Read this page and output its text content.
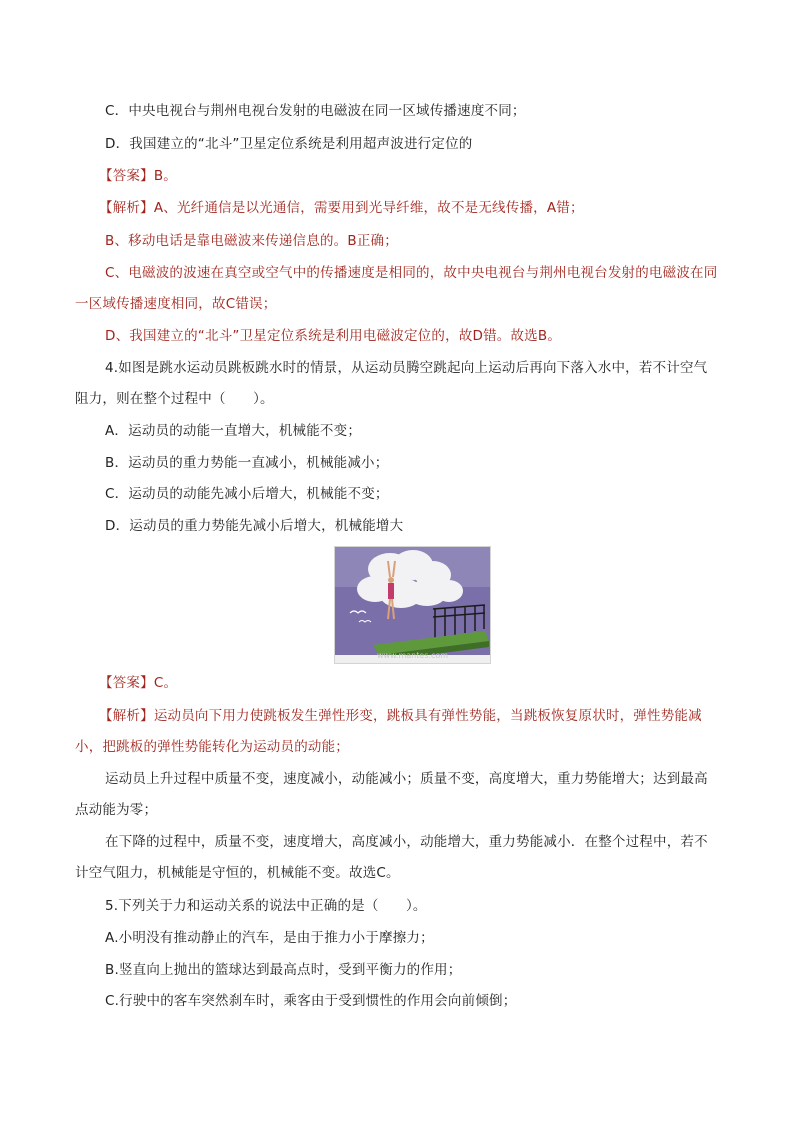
C．中央电视台与荆州电视台发射的电磁波在同一区域传播速度不同；
D．我国建立的“北斗”卫星定位系统是利用超声波进行定位的
【答案】B。
【解析】A、光纤通信是以光通信，需要用到光导纤维，故不是无线传播，A错；
B、移动电话是靠电磁波来传递信息的。B正确；
C、电磁波的波速在真空或空气中的传播速度是相同的，故中央电视台与荆州电视台发射的电磁波在同
一区域传播速度相同，故C错误；
D、我国建立的“北斗”卫星定位系统是利用电磁波定位的，故D错。故选B。
4.如图是跳水运动员跳板跳水时的情景，从运动员腾空跳起向上运动后再向下落入水中，若不计空气
阻力，则在整个过程中（　　）。
A．运动员的动能一直增大，机械能不变；
B．运动员的重力势能一直减小，机械能减小；
C．运动员的动能先减小后增大，机械能不变；
D．运动员的重力势能先减小后增大，机械能增大
www.mantes.com
【答案】C。
【解析】运动员向下用力使跳板发生弹性形变，跳板具有弹性势能，当跳板恢复原状时，弹性势能减
小，把跳板的弹性势能转化为运动员的动能；
运动员上升过程中质量不变，速度减小，动能减小；质量不变，高度增大，重力势能增大；达到最高
点动能为零；
在下降的过程中，质量不变，速度增大，高度减小，动能增大，重力势能减小．在整个过程中，若不
计空气阻力，机械能是守恒的，机械能不变。故选C。
5.下列关于力和运动关系的说法中正确的是（　　）。
A.小明没有推动静止的汽车，是由于推力小于摩擦力；
B.竖直向上抛出的篮球达到最高点时，受到平衡力的作用；
C.行驶中的客车突然刹车时，乘客由于受到惯性的作用会向前倾倒；
